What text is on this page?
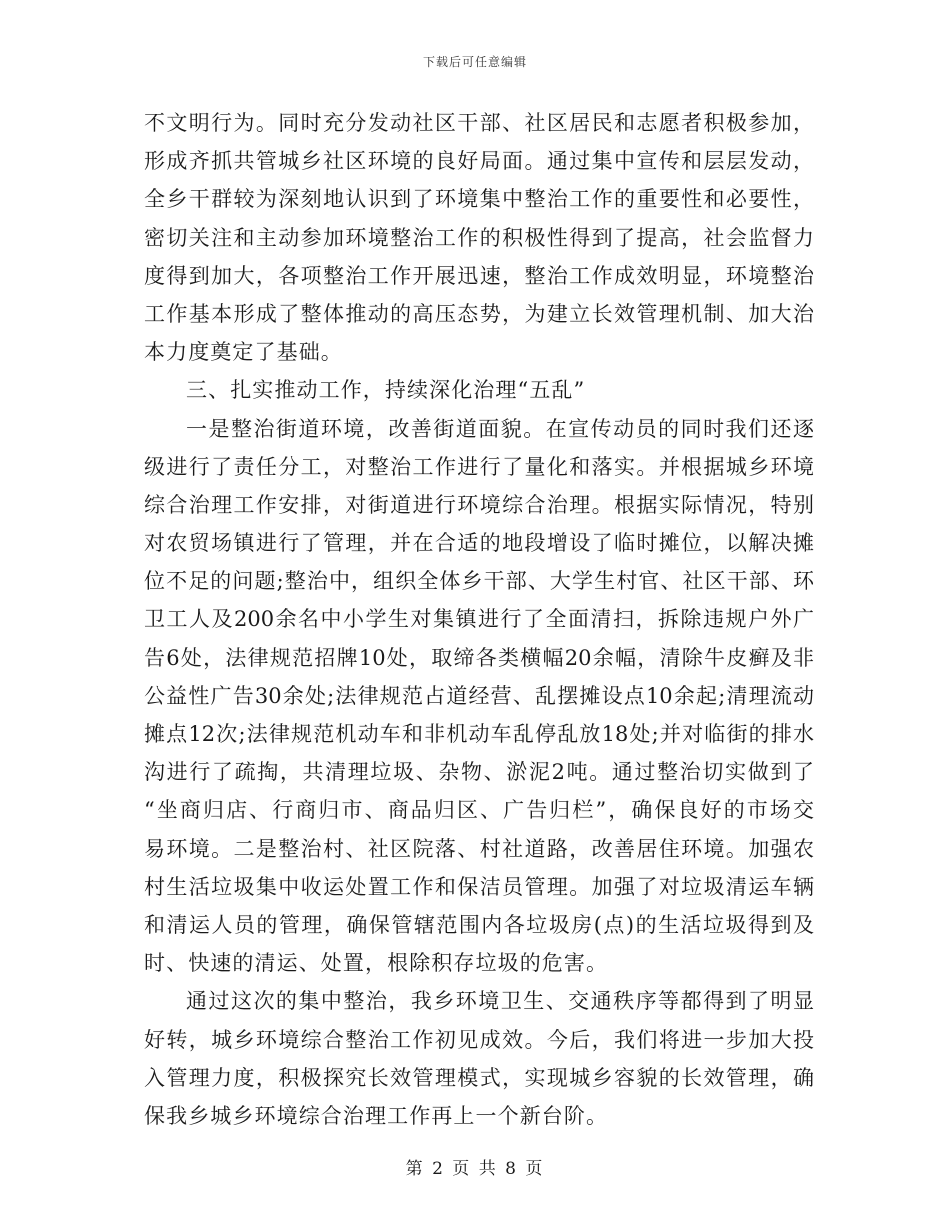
下载后可任意编辑
不文明行为。同时充分发动社区干部、社区居民和志愿者积极参加，
形成齐抓共管城乡社区环境的良好局面。通过集中宣传和层层发动，
全乡干群较为深刻地认识到了环境集中整治工作的重要性和必要性，
密切关注和主动参加环境整治工作的积极性得到了提高，社会监督力
度得到加大，各项整治工作开展迅速，整治工作成效明显，环境整治
工作基本形成了整体推动的高压态势，为建立长效管理机制、加大治
本力度奠定了基础。
三、扎实推动工作，持续深化治理“五乱”
一是整治街道环境，改善街道面貌。在宣传动员的同时我们还逐
级进行了责任分工，对整治工作进行了量化和落实。并根据城乡环境
综合治理工作安排，对街道进行环境综合治理。根据实际情况，特别
对农贸场镇进行了管理，并在合适的地段增设了临时摊位，以解决摊
位不足的问题;整治中，组织全体乡干部、大学生村官、社区干部、环
卫工人及200余名中小学生对集镇进行了全面清扫，拆除违规户外广
告6处，法律规范招牌10处，取缔各类横幅20余幅，清除牛皮癣及非
公益性广告30余处;法律规范占道经营、乱摆摊设点10余起;清理流动
摊点12次;法律规范机动车和非机动车乱停乱放18处;并对临街的排水
沟进行了疏掏，共清理垃圾、杂物、淤泥2吨。通过整治切实做到了
“坐商归店、行商归市、商品归区、广告归栏”，确保良好的市场交
易环境。二是整治村、社区院落、村社道路，改善居住环境。加强农
村生活垃圾集中收运处置工作和保洁员管理。加强了对垃圾清运车辆
和清运人员的管理，确保管辖范围内各垃圾房(点)的生活垃圾得到及
时、快速的清运、处置，根除积存垃圾的危害。
通过这次的集中整治，我乡环境卫生、交通秩序等都得到了明显
好转，城乡环境综合整治工作初见成效。今后，我们将进一步加大投
入管理力度，积极探究长效管理模式，实现城乡容貌的长效管理，确
保我乡城乡环境综合治理工作再上一个新台阶。
第 2 页 共 8 页
